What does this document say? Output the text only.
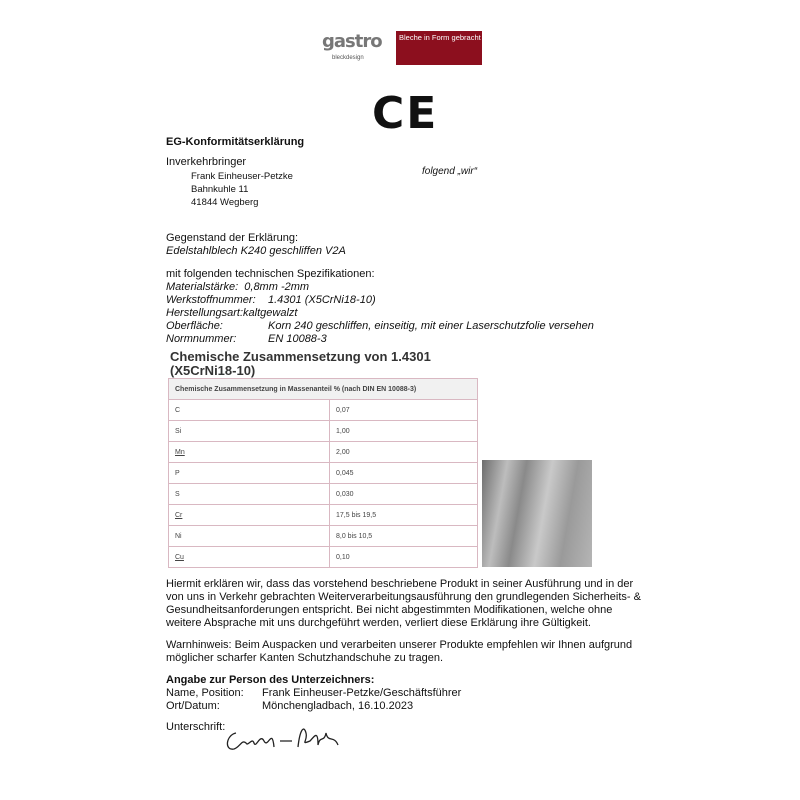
gastro
bleckdesign
Bleche in Form gebracht
CE
EG-Konformitätserklärung
Inverkehrbringer
Frank Einheuser-Petzke
Bahnkuhle 11
41844 Wegberg
folgend „wir“
Gegenstand der Erklärung:
Edelstahlblech K240 geschliffen V2A
mit folgenden technischen Spezifikationen:
Materialstärke: 0,8mm -2mm
Werkstoffnummer: 1.4301 (X5CrNi18-10)
Herstellungsart:kaltgewalzt
Oberfläche:	Korn 240 geschliffen, einseitig, mit einer Laserschutzfolie versehen
Normnummer:	EN 10088-3
Chemische Zusammensetzung von 1.4301
(X5CrNi18-10)
Chemische Zusammensetzung in Massenanteil % (nach DIN EN 10088-3)	
C	0,07
Si	1,00
Mn	2,00
P	0,045
S	0,030
Cr	17,5 bis 19,5
Ni	8,0 bis 10,5
Cu	0,10

Hiermit erklären wir, dass das vorstehend beschriebene Produkt in seiner Ausführung und in der von uns in Verkehr gebrachten Weiterverarbeitungsausführung den grundlegenden Sicherheits- & Gesundheitsanforderungen entspricht. Bei nicht abgestimmten Modifikationen, welche ohne weitere Absprache mit uns durchgeführt werden, verliert diese Erklärung ihre Gültigkeit.

Warnhinweis: Beim Auspacken und verarbeiten unserer Produkte empfehlen wir Ihnen aufgrund möglicher scharfer Kanten Schutzhandschuhe zu tragen.

Angabe zur Person des Unterzeichners:
Name, Position: Frank Einheuser-Petzke/Geschäftsführer
Ort/Datum:	Mönchengladbach, 16.10.2023
Unterschrift:
